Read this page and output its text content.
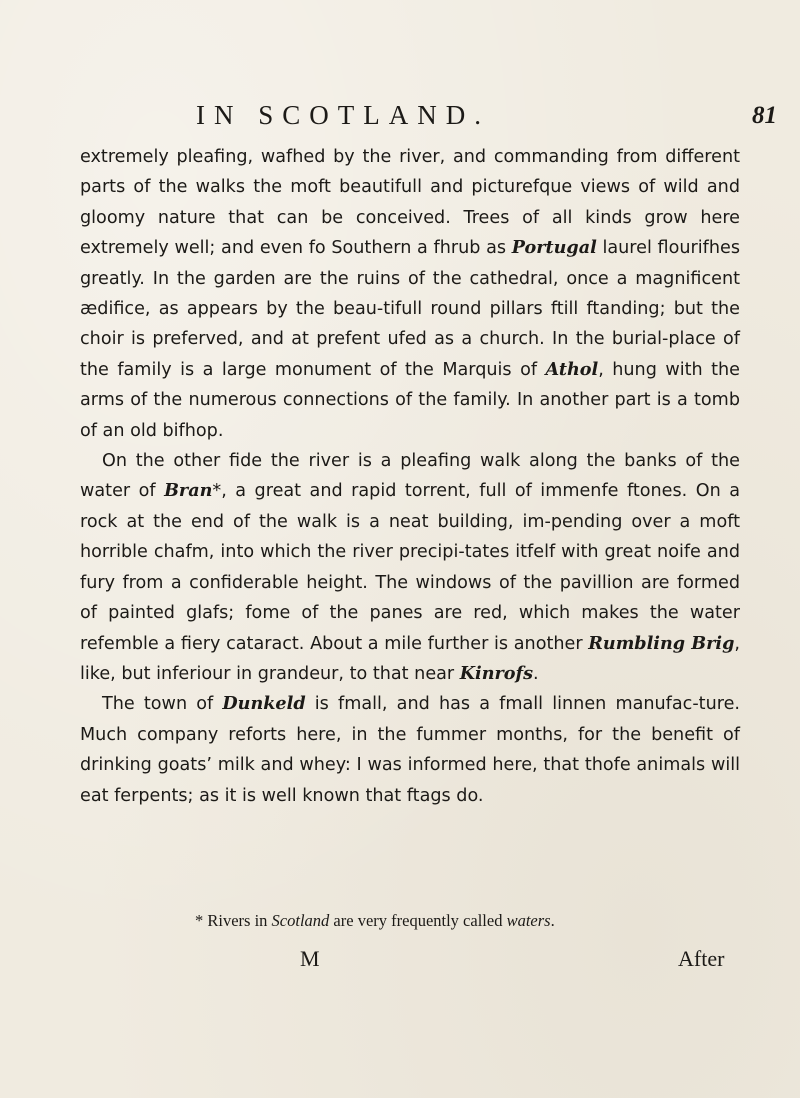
IN SCOTLAND.	81

extremely pleafing, wafhed by the river, and commanding from different parts of the walks the moft beautifull and picturefque views of wild and gloomy nature that can be conceived. Trees of all kinds grow here extremely well; and even fo Southern a fhrub as Portugal laurel flourifhes greatly. In the garden are the ruins of the cathedral, once a magnificent ædifice, as appears by the beau-tifull round pillars ftill ftanding; but the choir is preferved, and at prefent ufed as a church. In the burial-place of the family is a large monument of the Marquis of Athol, hung with the arms of the numerous connections of the family. In another part is a tomb of an old bifhop.

On the other fide the river is a pleafing walk along the banks of the water of Bran*, a great and rapid torrent, full of immenfe ftones. On a rock at the end of the walk is a neat building, im-pending over a moft horrible chafm, into which the river precipi-tates itfelf with great noife and fury from a confiderable height. The windows of the pavillion are formed of painted glafs; fome of the panes are red, which makes the water refemble a fiery cataract. About a mile further is another Rumbling Brig, like, but inferiour in grandeur, to that near Kinrofs.

The town of Dunkeld is fmall, and has a fmall linnen manufac-ture. Much company reforts here, in the fummer months, for the benefit of drinking goats’ milk and whey: I was informed here, that thofe animals will eat ferpents; as it is well known that ftags do.

* Rivers in Scotland are very frequently called waters.
M	After
